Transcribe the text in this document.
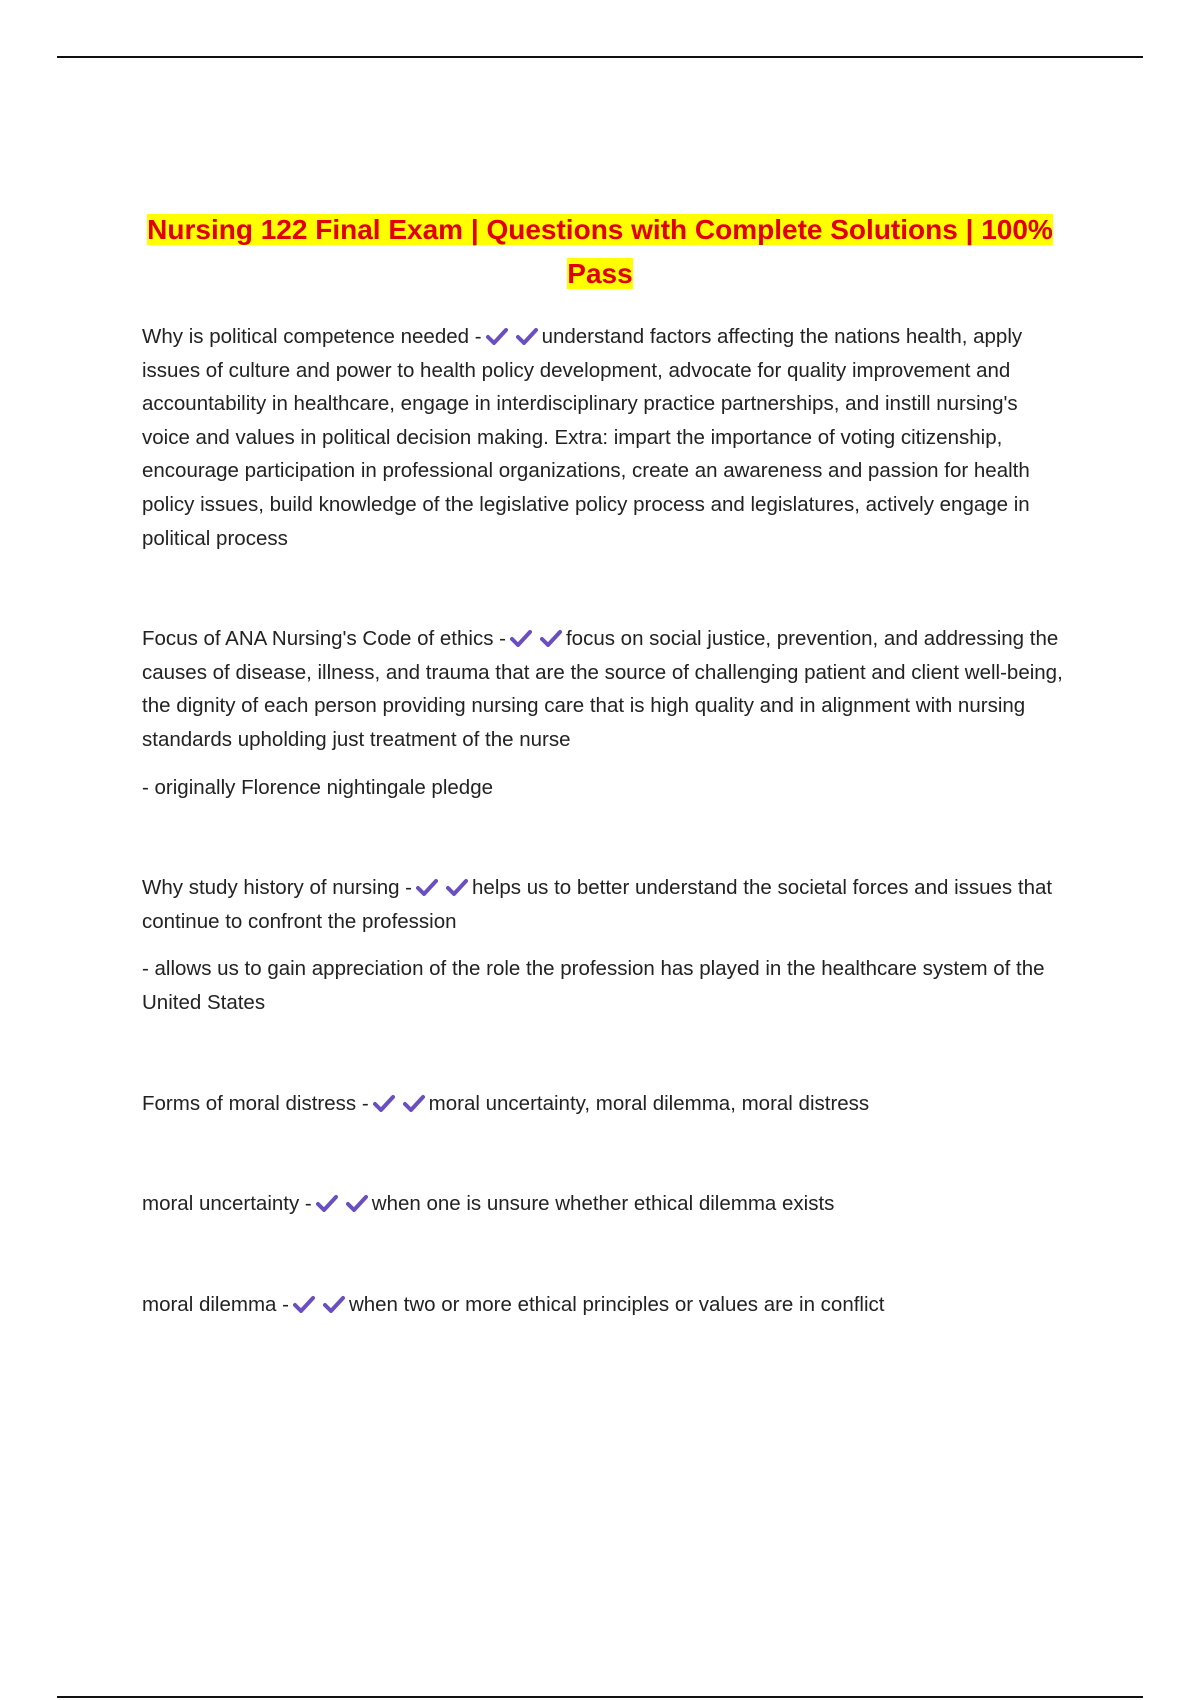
Nursing 122 Final Exam | Questions with Complete Solutions | 100% Pass

Why is political competence needed -	understand factors affecting the nations health, apply issues of culture and power to health policy development, advocate for quality improvement and accountability in healthcare, engage in interdisciplinary practice partnerships, and instill nursing's voice and values in political decision making. Extra: impart the importance of voting citizenship, encourage participation in professional organizations, create an awareness and passion for health policy issues, build knowledge of the legislative policy process and legislatures, actively engage in political process

Focus of ANA Nursing's Code of ethics -	focus on social justice, prevention, and addressing the causes of disease, illness, and trauma that are the source of challenging patient and client well-being, the dignity of each person providing nursing care that is high quality and in alignment with nursing standards upholding just treatment of the nurse

- originally Florence nightingale pledge

Why study history of nursing -	helps us to better understand the societal forces and issues that continue to confront the profession

- allows us to gain appreciation of the role the profession has played in the healthcare system of the United States

Forms of moral distress -	moral uncertainty, moral dilemma, moral distress

moral uncertainty -	when one is unsure whether ethical dilemma exists

moral dilemma -	when two or more ethical principles or values are in conflict
